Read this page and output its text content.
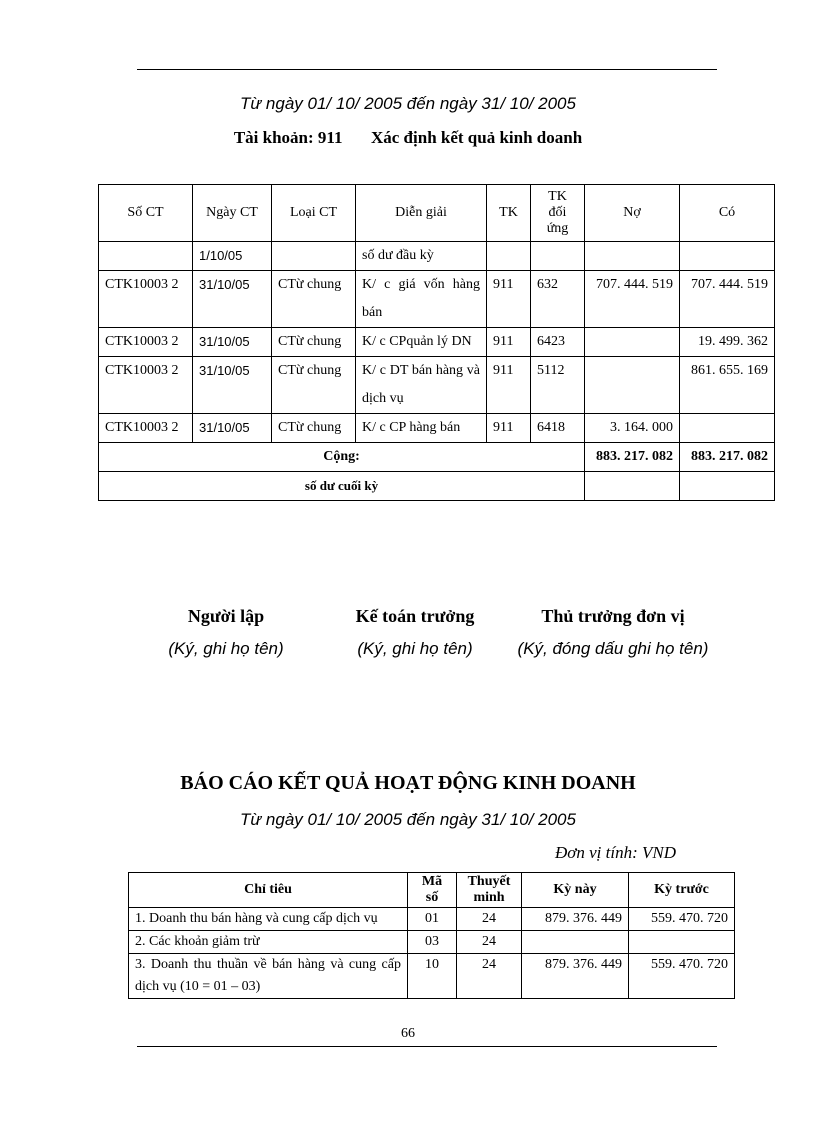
Từ ngày 01/ 10/ 2005 đến ngày 31/ 10/ 2005
Tài khoản: 911 Xác định kết quả kinh doanh
Số CT	Ngày CT	Loại CT	Diễn giải	TK	TK đối ứng	Nợ	Có
	1/10/05		số dư đầu kỳ				
CTK10003 2	31/10/05	CTừ chung	K/ c giá vốn hàng bán	911	632	707. 444. 519	707. 444. 519
CTK10003 2	31/10/05	CTừ chung	K/ c CPquản lý DN	911	6423		19. 499. 362
CTK10003 2	31/10/05	CTừ chung	K/ c DT bán hàng và dịch vụ	911	5112		861. 655. 169
CTK10003 2	31/10/05	CTừ chung	K/ c CP hàng bán	911	6418	3. 164. 000	
Cộng:						883. 217. 082	883. 217. 082
số dư cuối kỳ							
Người lập
(Ký, ghi họ tên)
Kế toán trưởng
(Ký, ghi họ tên)
Thủ trưởng đơn vị
(Ký, đóng dấu ghi họ tên)
BÁO CÁO KẾT QUẢ HOẠT ĐỘNG KINH DOANH
Từ ngày 01/ 10/ 2005 đến ngày 31/ 10/ 2005
Đơn vị tính: VND
Chỉ tiêu	Mã số	Thuyết minh	Kỳ này	Kỳ trước
1. Doanh thu bán hàng và cung cấp dịch vụ	01	24	879. 376. 449	559. 470. 720
2. Các khoản giảm trừ	03	24		
3. Doanh thu thuần về bán hàng và cung cấp dịch vụ (10 = 01 – 03)	10	24	879. 376. 449	559. 470. 720
66
